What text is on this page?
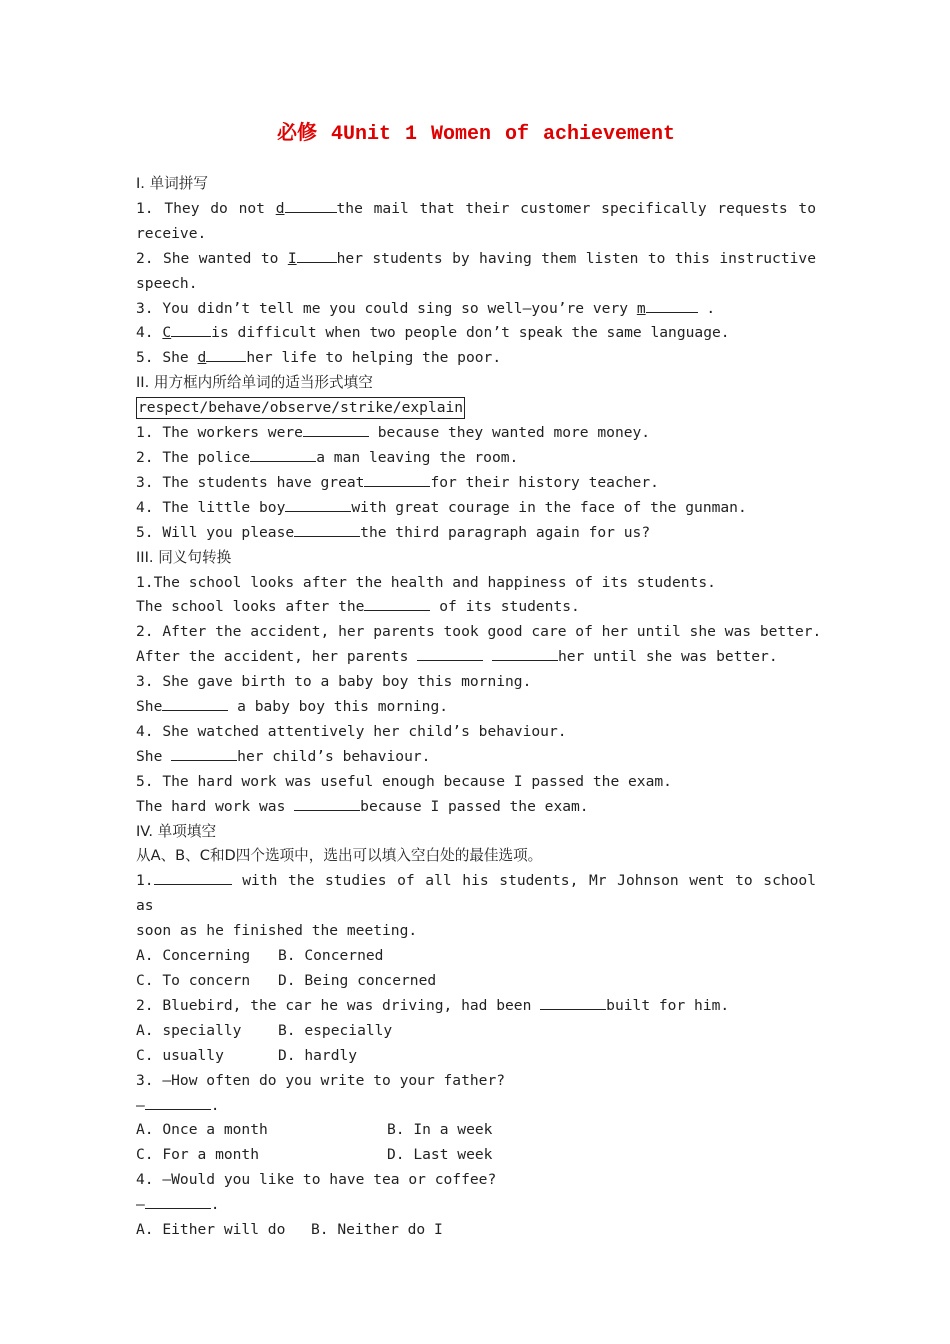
必修 4Unit 1 Women of achievement
I. 单词拼写
1. They do not d	the mail that their customer specifically requests to
receive.
2. She wanted to I	her students by having them listen to this instructive
speech.
3. You didn’t tell me you could sing so well—you’re very m	.
4. C	is difficult when two people don’t speak the same language.
5. She d	her life to helping the poor.
II. 用方框内所给单词的适当形式填空
respect/behave/observe/strike/explain
1. The workers were	because they wanted more money.
2. The police	a man leaving the room.
3. The students have great	for their history teacher.
4. The little boy	with great courage in the face of the gunman.
5. Will you please	the third paragraph again for us?
III. 同义句转换
1.The school looks after the health and happiness of its students.
The school looks after the	of its students.
2. After the accident, her parents took good care of her until she was better.
After the accident, her parents	her until she was better.
3. She gave birth to a baby boy this morning.
She	a baby boy this morning.
4. She watched attentively her child’s behaviour.
She	her child’s behaviour.
5. The hard work was useful enough because I passed the exam.
The hard work was	because I passed the exam.
IV. 单项填空
从A、B、C和D四个选项中，选出可以填入空白处的最佳选项。
1.	with the studies of all his students, Mr Johnson went to school as
soon as he finished the meeting.
A. Concerning	B. Concerned
C. To concern	D. Being concerned
2. Bluebird, the car he was driving, had been	built for him.
A. specially	B. especially
C. usually	D. hardly
3. —How often do you write to your father?
—	.
A. Once a month	B. In a week
C. For a month	D. Last week
4. —Would you like to have tea or coffee?
—	.
A. Either will do	B. Neither do I
